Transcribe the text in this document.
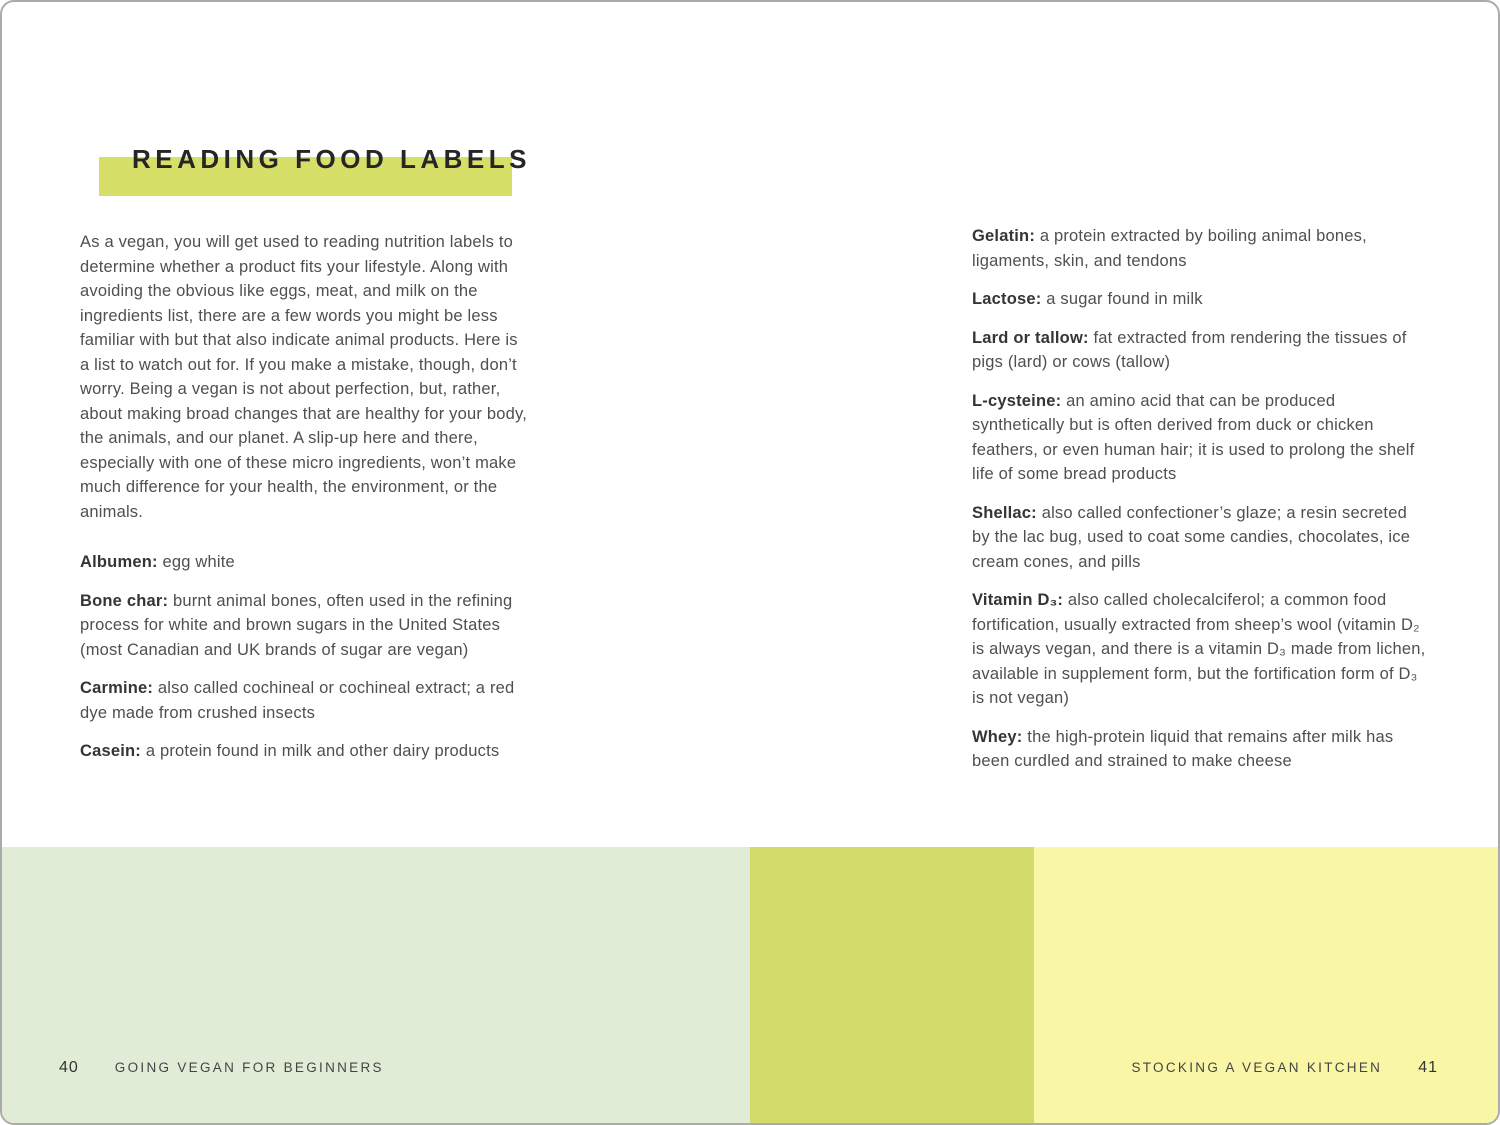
READING FOOD LABELS

As a vegan, you will get used to reading nutrition labels to determine whether a product fits your lifestyle. Along with avoiding the obvious like eggs, meat, and milk on the ingredients list, there are a few words you might be less familiar with but that also indicate animal products. Here is a list to watch out for. If you make a mistake, though, don’t worry. Being a vegan is not about perfection, but, rather, about making broad changes that are healthy for your body, the animals, and our planet. A slip-up here and there, especially with one of these micro ingredients, won’t make much difference for your health, the environment, or the animals.

Albumen: egg white

Bone char: burnt animal bones, often used in the refining process for white and brown sugars in the United States (most Canadian and UK brands of sugar are vegan)

Carmine: also called cochineal or cochineal extract; a red dye made from crushed insects

Casein: a protein found in milk and other dairy products

Gelatin: a protein extracted by boiling animal bones, ligaments, skin, and tendons

Lactose: a sugar found in milk

Lard or tallow: fat extracted from rendering the tissues of pigs (lard) or cows (tallow)

L-cysteine: an amino acid that can be produced synthetically but is often derived from duck or chicken feathers, or even human hair; it is used to prolong the shelf life of some bread products

Shellac: also called confectioner’s glaze; a resin secreted by the lac bug, used to coat some candies, chocolates, ice cream cones, and pills

Vitamin D₃: also called cholecalciferol; a common food fortification, usually extracted from sheep’s wool (vitamin D₂ is always vegan, and there is a vitamin D₃ made from lichen, available in supplement form, but the fortification form of D₃ is not vegan)

Whey: the high-protein liquid that remains after milk has been curdled and strained to make cheese

40	GOING VEGAN FOR BEGINNERS	STOCKING A VEGAN KITCHEN 41
